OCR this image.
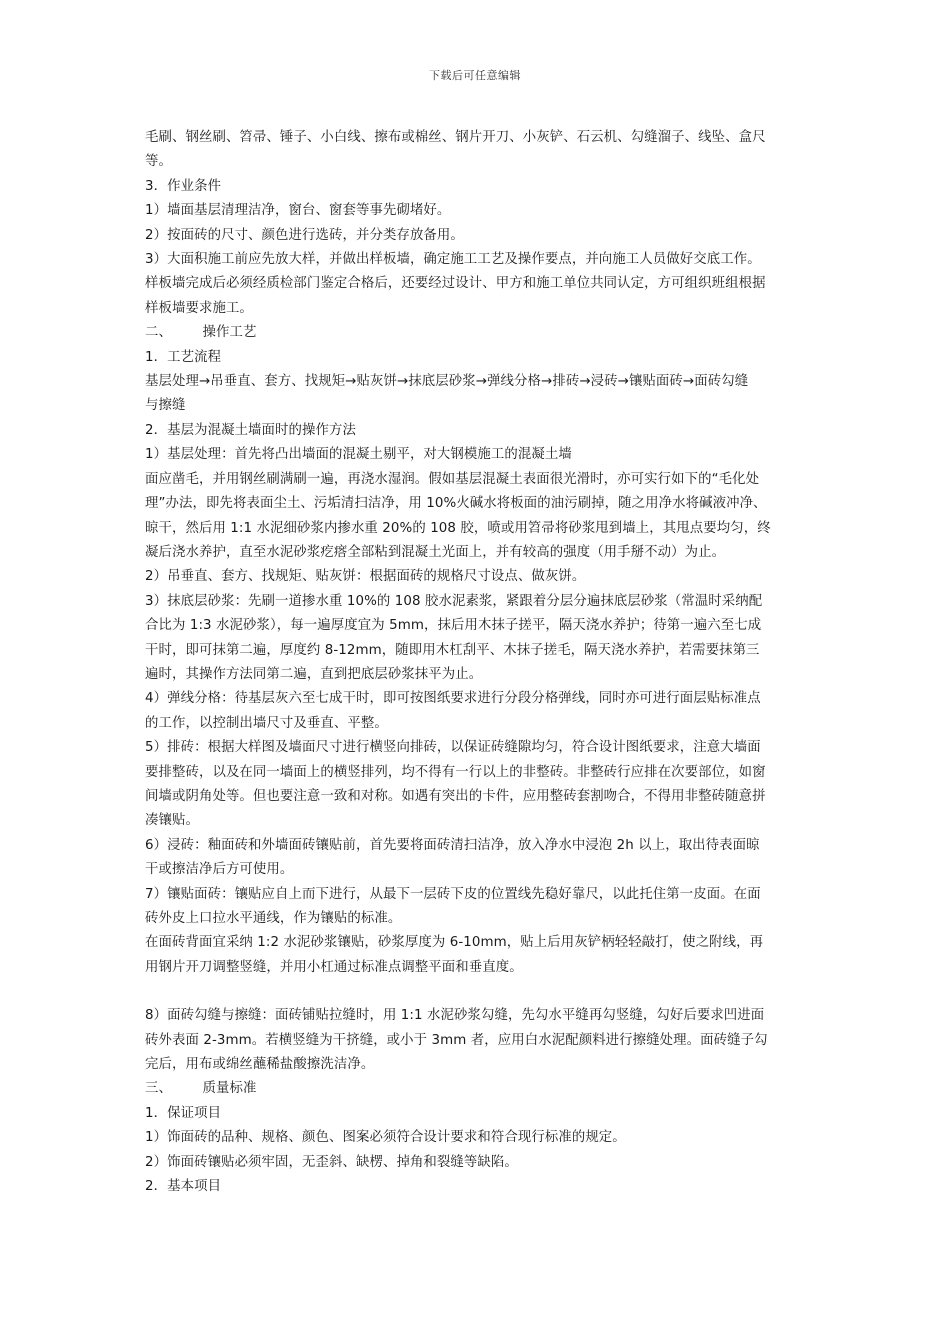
下载后可任意编辑

毛刷、钢丝刷、笤帚、锤子、小白线、擦布或棉丝、钢片开刀、小灰铲、石云机、勾缝溜子、线坠、盒尺

等。

3．作业条件

1）墙面基层清理洁净，窗台、窗套等事先砌堵好。

2）按面砖的尺寸、颜色进行选砖，并分类存放备用。

3）大面积施工前应先放大样，并做出样板墙，确定施工工艺及操作要点，并向施工人员做好交底工作。

样板墙完成后必须经质检部门鉴定合格后，还要经过设计、甲方和施工单位共同认定，方可组织班组根据

样板墙要求施工。

二、       操作工艺

1．工艺流程

基层处理→吊垂直、套方、找规矩→贴灰饼→抹底层砂浆→弹线分格→排砖→浸砖→镶贴面砖→面砖勾缝

与擦缝

2．基层为混凝土墙面时的操作方法

1）基层处理：首先将凸出墙面的混凝土剔平，对大钢模施工的混凝土墙

面应凿毛，并用钢丝刷满刷一遍，再浇水湿润。假如基层混凝土表面很光滑时，亦可实行如下的“毛化处

理”办法，即先将表面尘土、污垢清扫洁净，用 10%火碱水将板面的油污刷掉，随之用净水将碱液冲净、

晾干，然后用 1:1 水泥细砂浆内掺水重 20%的 108 胶，喷或用笤帚将砂浆甩到墙上，其甩点要均匀，终

凝后浇水养护，直至水泥砂浆疙瘩全部粘到混凝土光面上，并有较高的强度（用手掰不动）为止。

2）吊垂直、套方、找规矩、贴灰饼：根据面砖的规格尺寸设点、做灰饼。

3）抹底层砂浆：先刷一道掺水重 10%的 108 胶水泥素浆，紧跟着分层分遍抹底层砂浆（常温时采纳配

合比为 1:3 水泥砂浆），每一遍厚度宜为 5mm，抹后用木抹子搓平，隔天浇水养护；待第一遍六至七成

干时，即可抹第二遍，厚度约 8-12mm，随即用木杠刮平、木抹子搓毛，隔天浇水养护，若需要抹第三

遍时，其操作方法同第二遍，直到把底层砂浆抹平为止。

4）弹线分格：待基层灰六至七成干时，即可按图纸要求进行分段分格弹线，同时亦可进行面层贴标准点

的工作，以控制出墙尺寸及垂直、平整。

5）排砖：根据大样图及墙面尺寸进行横竖向排砖，以保证砖缝隙均匀，符合设计图纸要求，注意大墙面

要排整砖，以及在同一墙面上的横竖排列，均不得有一行以上的非整砖。非整砖行应排在次要部位，如窗

间墙或阴角处等。但也要注意一致和对称。如遇有突出的卡件，应用整砖套割吻合，不得用非整砖随意拼

凑镶贴。

6）浸砖：釉面砖和外墙面砖镶贴前，首先要将面砖清扫洁净，放入净水中浸泡 2h 以上，取出待表面晾

干或擦洁净后方可使用。

7）镶贴面砖：镶贴应自上而下进行，从最下一层砖下皮的位置线先稳好靠尺，以此托住第一皮面。在面

砖外皮上口拉水平通线，作为镶贴的标准。

在面砖背面宜采纳 1:2 水泥砂浆镶贴，砂浆厚度为 6-10mm，贴上后用灰铲柄轻轻敲打，使之附线，再

用钢片开刀调整竖缝，并用小杠通过标准点调整平面和垂直度。

8）面砖勾缝与擦缝：面砖铺贴拉缝时，用 1:1 水泥砂浆勾缝，先勾水平缝再勾竖缝，勾好后要求凹进面

砖外表面 2-3mm。若横竖缝为干挤缝，或小于 3mm 者，应用白水泥配颜料进行擦缝处理。面砖缝子勾

完后，用布或绵丝蘸稀盐酸擦洗洁净。

三、       质量标准

1．保证项目

1）饰面砖的品种、规格、颜色、图案必须符合设计要求和符合现行标准的规定。

2）饰面砖镶贴必须牢固，无歪斜、缺楞、掉角和裂缝等缺陷。

2．基本项目
